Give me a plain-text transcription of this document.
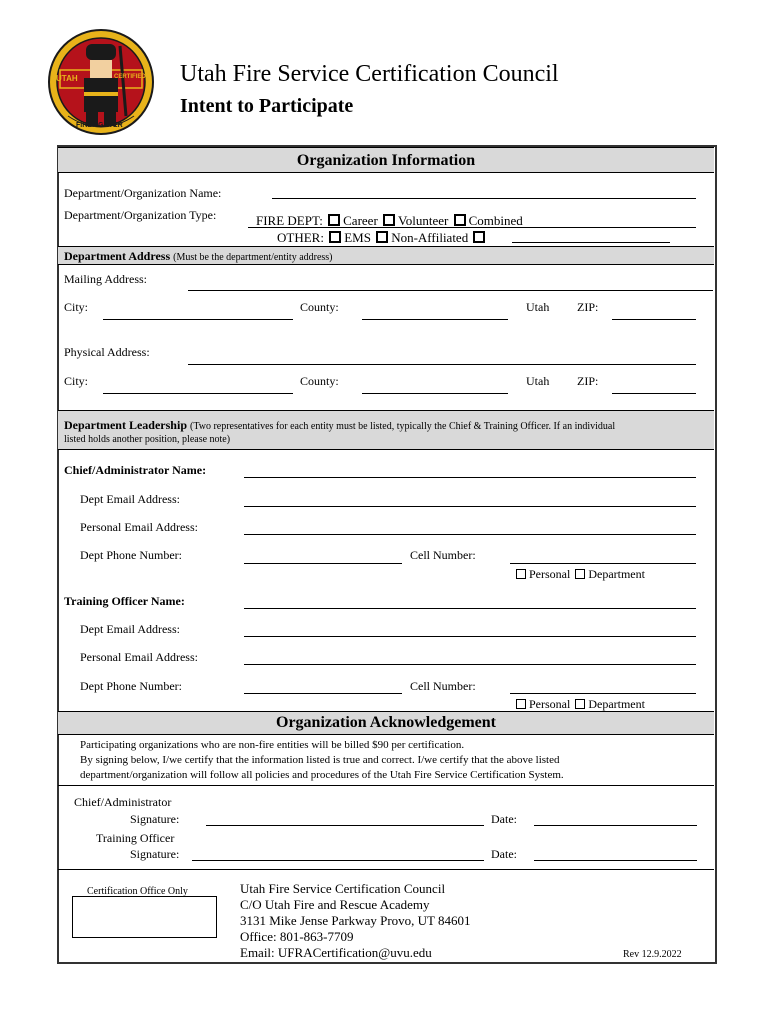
UTAH	CERTIFIED
FIREFIGHTER
Utah Fire Service Certification Council
Intent to Participate
Organization Information
Department/Organization Name:
Department/Organization Type:	FIRE DEPT: Career Volunteer Combined
OTHER: EMS Non-Affiliated
Department Address (Must be the department/entity address)
Mailing Address:
City:	County:	Utah ZIP:
Physical Address:
City:	County:	Utah ZIP:
Department Leadership (Two representatives for each entity must be listed, typically the Chief & Training Officer. If an individual
listed holds another position, please note)
Chief/Administrator Name:
Dept Email Address:
Personal Email Address:
Dept Phone Number:	Cell Number:
Personal Department
Training Officer Name:
Dept Email Address:
Personal Email Address:
Dept Phone Number:	Cell Number:
Personal Department
Organization Acknowledgement
Participating organizations who are non-fire entities will be billed $90 per certification.
By signing below, I/we certify that the information listed is true and correct. I/we certify that the above listed
department/organization will follow all policies and procedures of the Utah Fire Service Certification System.
Chief/Administrator
Signature:	Date:
Training Officer
Signature:	Date:
Certification Office Only	Utah Fire Service Certification Council
C/O Utah Fire and Rescue Academy
3131 Mike Jense Parkway Provo, UT 84601
Office: 801-863-7709
Email: UFRACertification@uvu.edu	Rev 12.9.2022
